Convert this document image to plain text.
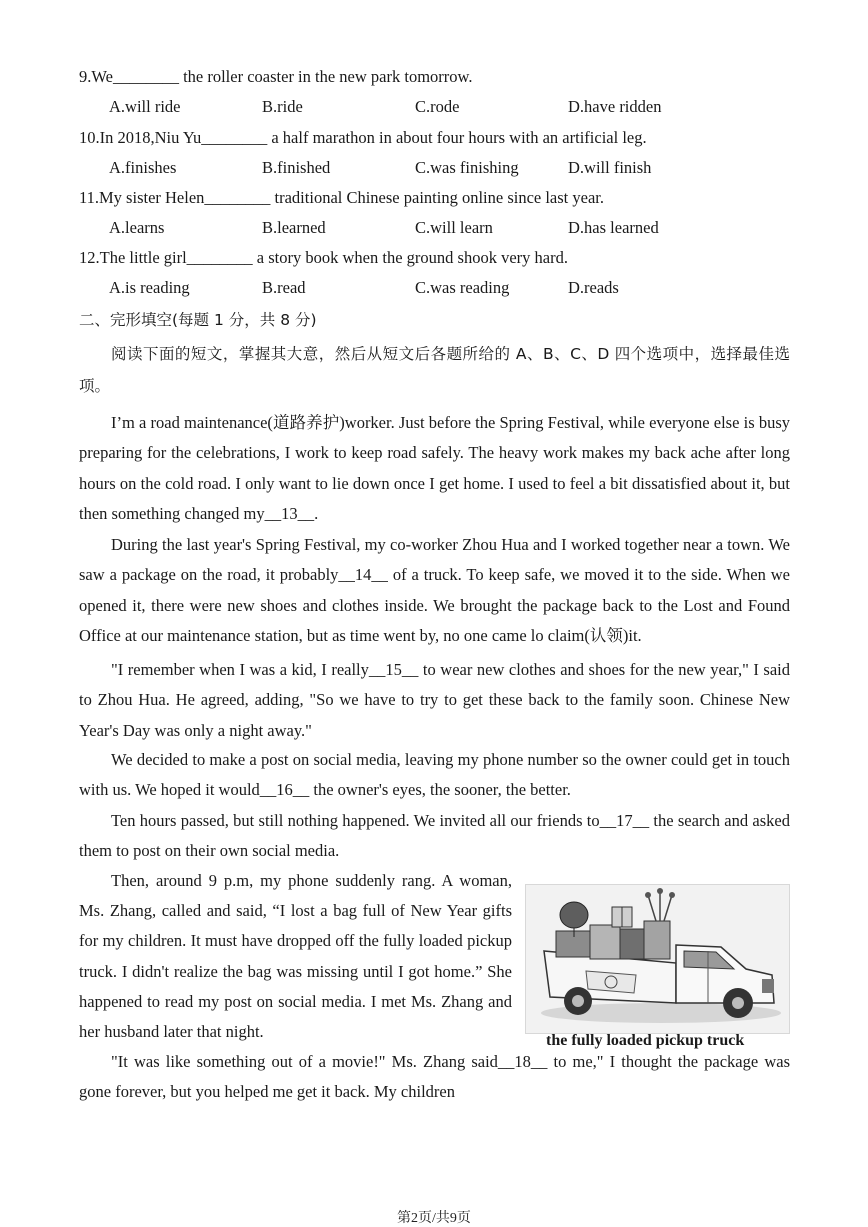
9.We________ the roller coaster in the new park tomorrow.
A.will ride	B.ride	C.rode	D.have ridden
10.In 2018,Niu Yu________ a half marathon in about four hours with an artificial leg.
A.finishes	B.finished	C.was finishing	D.will finish
11.My sister Helen________ traditional Chinese painting online since last year.
A.learns	B.learned	C.will learn	D.has learned
12.The little girl________ a story book when the ground shook very hard.
A.is reading	B.read	C.was reading	D.reads
二、完形填空(每题 1 分，共 8 分)
阅读下面的短文，掌握其大意，然后从短文后各题所给的 A、B、C、D 四个选项中，选择最佳选项。
I’m a road maintenance(道路养护)worker. Just before the Spring Festival, while everyone else is busy preparing for the celebrations, I work to keep road safely. The heavy work makes my back ache after long hours on the cold road. I only want to lie down once I get home. I used to feel a bit dissatisfied about it, but then something changed my__13__.
During the last year's Spring Festival, my co-worker Zhou Hua and I worked together near a town. We saw a package on the road, it probably__14__ of a truck. To keep safe, we moved it to the side. When we opened it, there were new shoes and clothes inside. We brought the package back to the Lost and Found Office at our maintenance station, but as time went by, no one came lo claim(认领)it.
"I remember when I was a kid, I really__15__ to wear new clothes and shoes for the new year," I said to Zhou Hua. He agreed, adding, "So we have to try to get these back to the family soon. Chinese New Year's Day was only a night away."
We decided to make a post on social media, leaving my phone number so the owner could get in touch with us. We hoped it would__16__ the owner's eyes, the sooner, the better.
Ten hours passed, but still nothing happened. We invited all our friends to__17__ the search and asked them to post on their own social media.
Then, around 9 p.m, my phone suddenly rang. A woman, Ms. Zhang, called and said, “I lost a bag full of New Year gifts for my children. It must have dropped off the fully loaded pickup truck. I didn't realize the bag was missing until I got home.” She happened to read my post on social media. I met Ms. Zhang and her husband later that night.
"It was like something out of a movie!" Ms. Zhang said__18__ to me," I thought the package was gone forever, but you helped me get it back. My children
the fully loaded pickup truck
第2页/共9页
